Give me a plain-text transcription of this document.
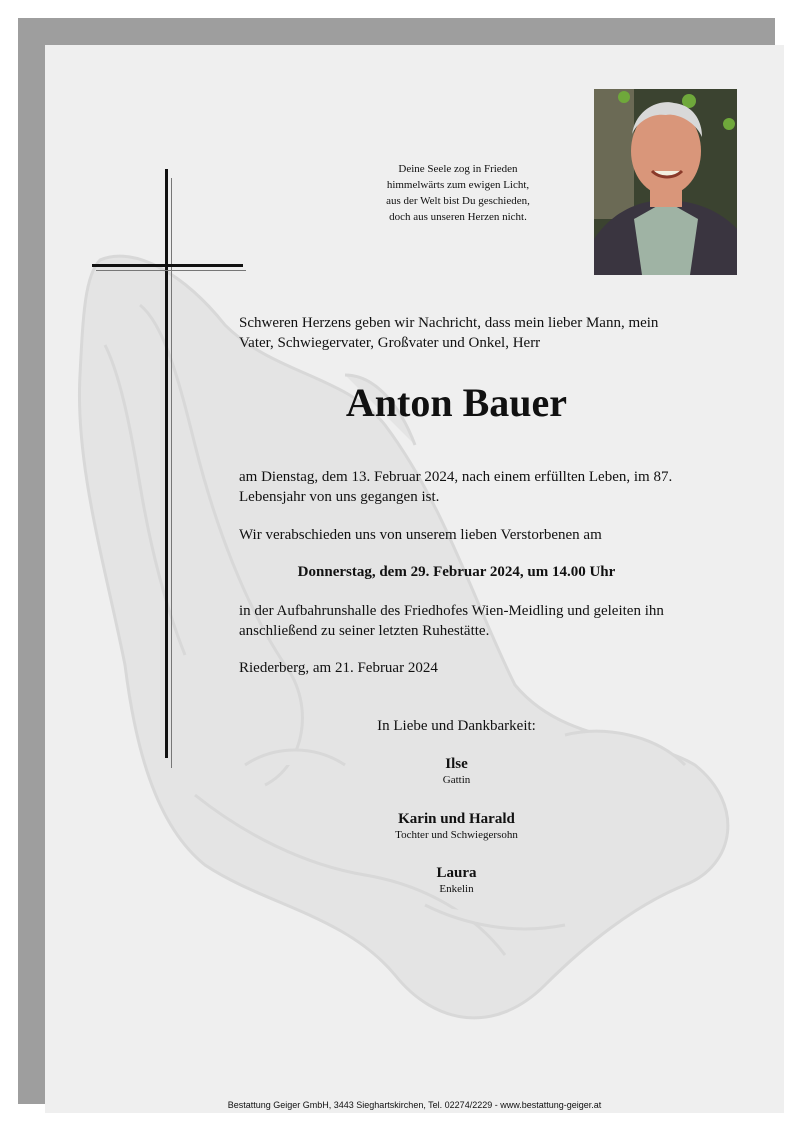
Deine Seele zog in Frieden
himmelwärts zum ewigen Licht,
aus der Welt bist Du geschieden,
doch aus unseren Herzen nicht.
Schweren Herzens geben wir Nachricht, dass mein lieber Mann, mein Vater, Schwiegervater, Großvater und Onkel, Herr
Anton Bauer
am Dienstag, dem 13. Februar 2024, nach einem erfüllten Leben, im 87. Lebensjahr von uns gegangen ist.
Wir verabschieden uns von unserem lieben Verstorbenen am
Donnerstag, dem 29. Februar 2024, um 14.00 Uhr
in der Aufbahrunshalle des Friedhofes Wien-Meidling und geleiten ihn anschließend zu seiner letzten Ruhestätte.
Riederberg, am 21. Februar 2024
In Liebe und Dankbarkeit:
Ilse
Gattin
Karin und Harald
Tochter und Schwiegersohn
Laura
Enkelin
Bestattung Geiger GmbH, 3443 Sieghartskirchen, Tel. 02274/2229 - www.bestattung-geiger.at
